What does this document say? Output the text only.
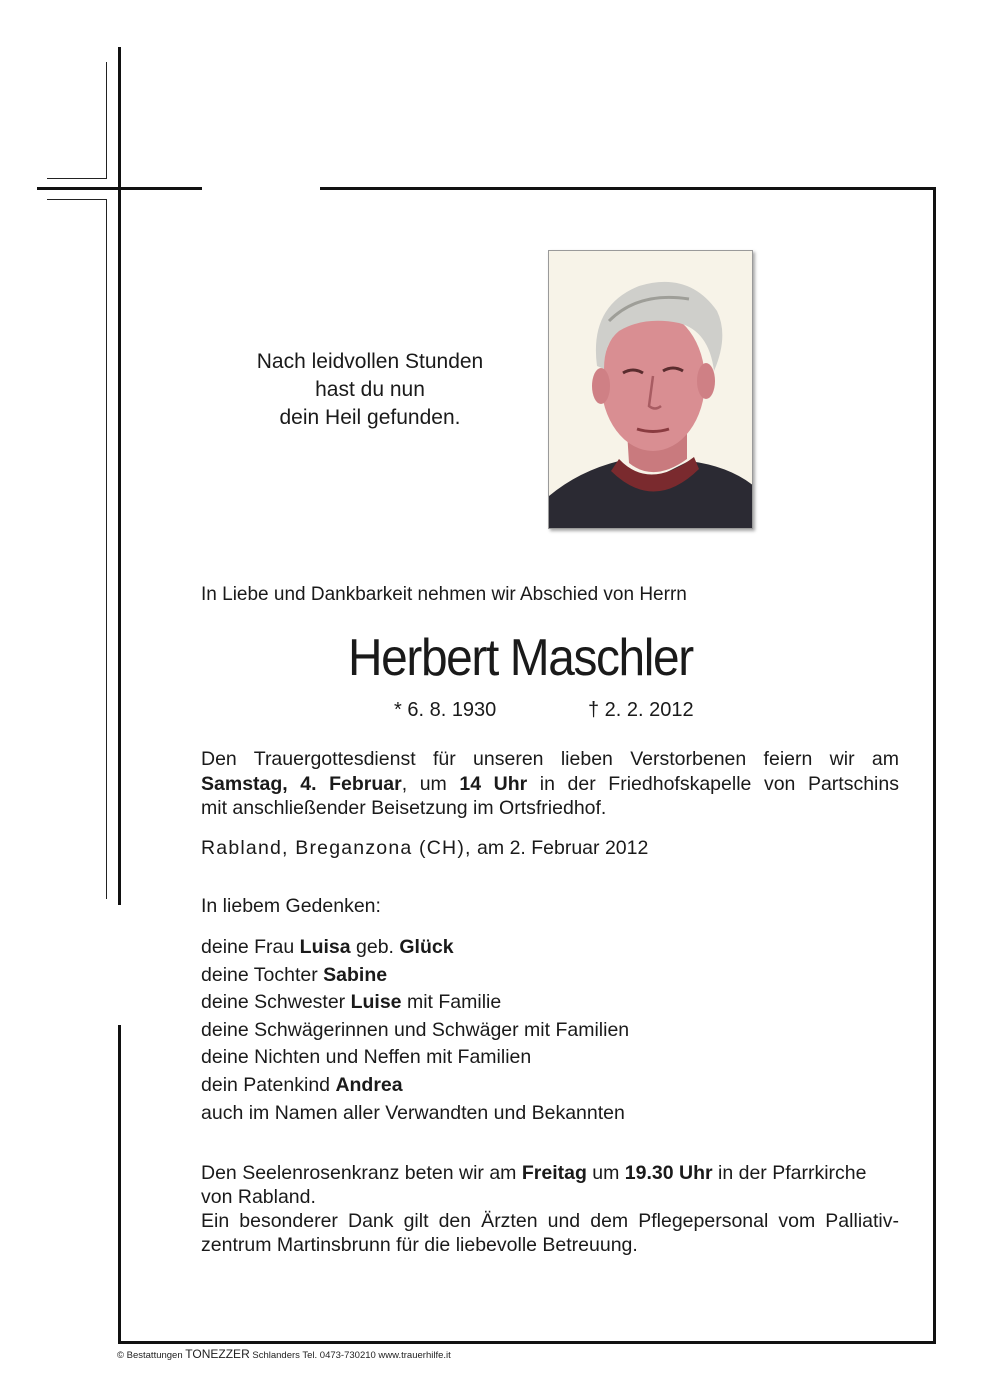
Nach leidvollen Stunden
hast du nun
dein Heil gefunden.
In Liebe und Dankbarkeit nehmen wir Abschied von Herrn
Herbert Maschler
* 6. 8. 1930	† 2. 2. 2012
Den Trauergottesdienst für unseren lieben Verstorbenen feiern wir am
Samstag, 4. Februar, um 14 Uhr in der Friedhofskapelle von Partschins
mit anschließender Beisetzung im Ortsfriedhof.
Rabland, Breganzona (CH), am 2. Februar 2012
In liebem Gedenken:
deine Frau Luisa geb. Glück
deine Tochter Sabine
deine Schwester Luise mit Familie
deine Schwägerinnen und Schwäger mit Familien
deine Nichten und Neffen mit Familien
dein Patenkind Andrea
auch im Namen aller Verwandten und Bekannten
Den Seelenrosenkranz beten wir am Freitag um 19.30 Uhr in der Pfarrkirche
von Rabland.
Ein besonderer Dank gilt den Ärzten und dem Pflegepersonal vom Palliativ-
zentrum Martinsbrunn für die liebevolle Betreuung.
© Bestattungen TONEZZER Schlanders Tel. 0473-730210 www.trauerhilfe.it
